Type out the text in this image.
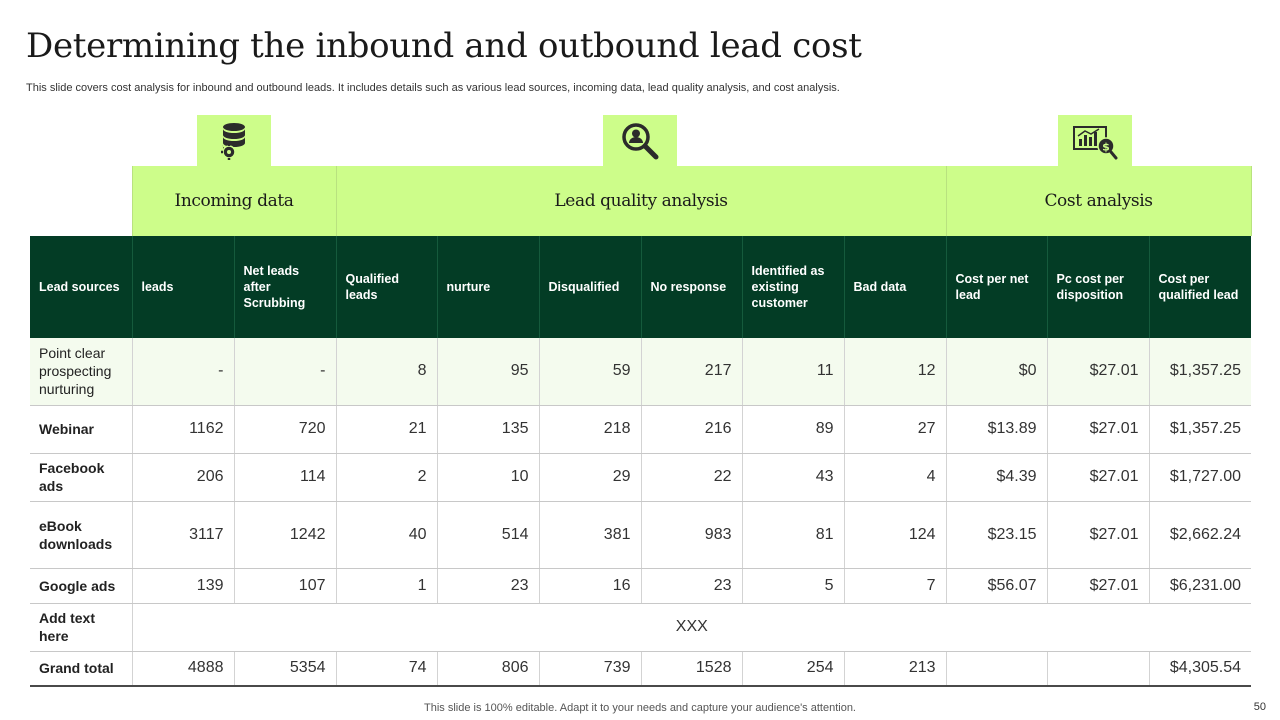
Determining the inbound and outbound lead cost

This slide covers cost analysis for inbound and outbound leads. It includes details such as various lead sources, incoming data, lead quality analysis, and cost analysis.

$
	Incoming data		Lead quality analysis						Cost analysis		
Lead sources	leads	Net leads after Scrubbing	Qualified leads	nurture	Disqualified	No response	Identified as existing customer	Bad data	Cost per net lead	Pc cost per disposition	Cost per qualified lead
Point clear prospecting nurturing	-	-	8	95	59	217	11	12	$0	$27.01	$1,357.25
Webinar	1162	720	21	135	218	216	89	27	$13.89	$27.01	$1,357.25
Facebook ads	206	114	2	10	29	22	43	4	$4.39	$27.01	$1,727.00
eBook downloads	3117	1242	40	514	381	983	81	124	$23.15	$27.01	$2,662.24
Google ads	139	107	1	23	16	23	5	7	$56.07	$27.01	$6,231.00
Add text here	XXX										
Grand total	4888	5354	74	806	739	1528	254	213			$4,305.54
This slide is 100% editable. Adapt it to your needs and capture your audience's attention.	50
